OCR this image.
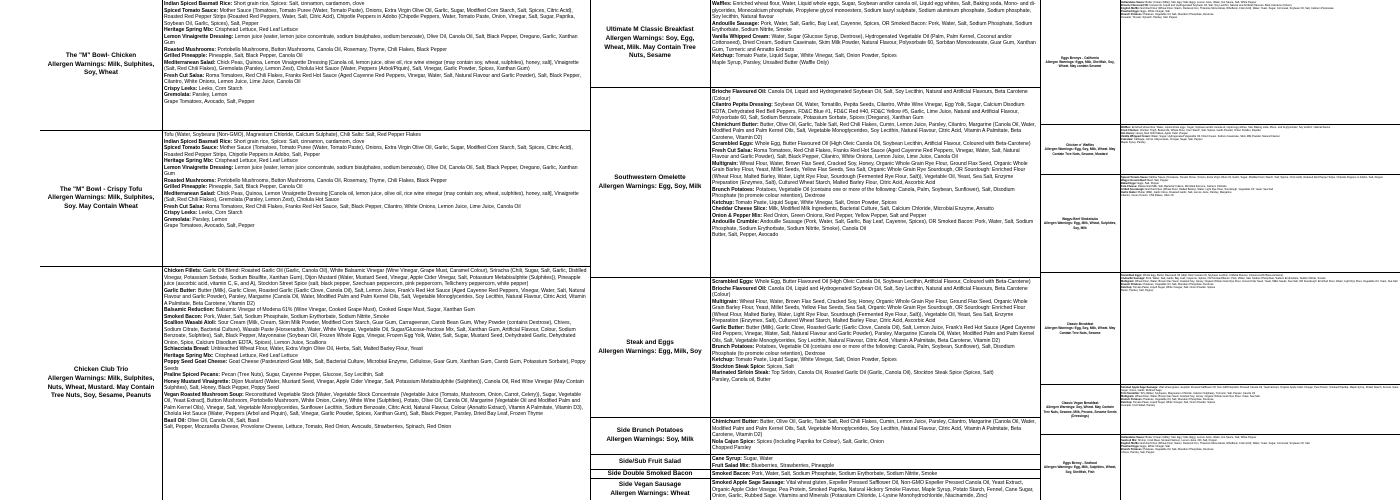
The "M" Bowl- Chicken
Allergen Warnings: Milk, Sulphites, Soy, Wheat
The "M" Bowl - Crispy Tofu
Allergen Warnings: Milk, Sulphites, Soy. May Contain Wheat
Chicken Club Trio
Allergen Warnings: Milk, Sulphites, Nuts, Wheat, Mustard. May Contain Tree Nuts, Soy, Sesame, Peanuts

Indian Spiced Basmati Rice: Short grain rice, Spices: Salt, cinnamon, cardamom, clove

Spiced Tomato Sauce: Mother Sauce (Tomatoes, Tomato Puree (Water, Tomato Paste), Onions, Extra Virgin Olive Oil, Garlic, Sugar, Modified Corn Starch, Salt, Spices, Citric Acid), Roasted Red Pepper Strips (Roasted Red Peppers, Water, Salt, Citric Acid), Chipotle Peppers in Adobo (Chipotle Peppers, Water, Tomato Paste, Onion, Vinegar, Salt, Sugar, Paprika, Soybean Oil, Garlic, Spices), Salt, Pepper

Heritage Spring Mix: Crisphead Lettuce, Red Leaf Lettuce

Lemon Vinaigrette Dressing: Lemon juice (water, lemon juice concentrate, sodium bisulphates, sodium benzoate), Olive Oil, Canola Oil, Salt, Black Pepper, Oregano, Garlic, Xanthan Gum

Roasted Mushrooms: Portobello Mushrooms, Button Mushrooms, Canola Oil, Rosemary, Thyme, Chili Flakes, Black Pepper

Grilled Pineapple: Pineapple, Salt, Black Pepper, Canola Oil

Mediterranean Salad: Chick Peas, Quinoa, Lemon Vinaigrette Dressing [Canola oil, lemon juice, olive oil, rice wine vinegar (may contain soy, wheat, sulphites), honey, salt], Vinaigrette (Salt, Red Chili Flakes), Gremolata (Parsley, Lemon Zest), Cholula Hot Sauce (Water, Peppers (Arbol/Piquin), Salt, Vinegar, Garlic Powder, Spices, Xanthan Gum)

Fresh Cut Salsa: Roma Tomatoes, Red Chili Flakes, Franks Red Hot Sauce (Aged Cayenne Red Peppers, Vinegar, Water, Salt, Natural Flavour and Garlic Powder), Salt, Black Pepper, Cilantro, White Onions, Lemon Juice, Lime Juice, Canola Oil

Crispy Leeks: Leeks, Corn Starch

Gremolata: Parsley, Lemon

Grape Tomatoes, Avocado, Salt, Pepper

Tofu (Water, Soybeans (Non-GMO), Magnesium Chloride, Calcium Sulphate), Chili Salts: Salt, Red Pepper Flakes

Indian Spiced Basmati Rice: Short grain rice, Spices: Salt, cinnamon, cardamom, clove

Spiced Tomato Sauce: Mother Sauce (Tomatoes, Tomato Puree (Water, Tomato Paste), Onions, Extra Virgin Olive Oil, Garlic, Sugar, Modified Corn Starch, Salt, Spices, Citric Acid), Roasted Red Pepper Strips, Chipotle Peppers in Adobo, Salt, Pepper

Heritage Spring Mix: Crisphead Lettuce, Red Leaf Lettuce

Lemon Vinaigrette Dressing: Lemon juice (water, lemon juice concentrate, sodium bisulphates, sodium benzoate), Olive Oil, Canola Oil, Salt, Black Pepper, Oregano, Garlic, Xanthan Gum

Roasted Mushrooms: Portobello Mushrooms, Button Mushrooms, Canola Oil, Rosemary, Thyme, Chili Flakes, Black Pepper

Grilled Pineapple: Pineapple, Salt, Black Pepper, Canola Oil

Mediterranean Salad: Chick Peas, Quinoa, Lemon Vinaigrette Dressing [Canola oil, lemon juice, olive oil, rice wine vinegar (may contain soy, wheat, sulphites), honey, salt], Vinaigrette (Salt, Red Chili Flakes), Gremolata (Parsley, Lemon Zest), Cholula Hot Sauce

Fresh Cut Salsa: Roma Tomatoes, Red Chili Flakes, Franks Red Hot Sauce, Salt, Black Pepper, Cilantro, White Onions, Lemon Juice, Lime Juice, Canola Oil

Crispy Leeks: Leeks, Corn Starch

Gremolata: Parsley, Lemon

Grape Tomatoes, Avocado, Salt, Pepper

Chicken Fillets: Garlic Oil Blend: Roasted Garlic Oil (Garlic, Canola Oil), White Balsamic Vinegar (Wine Vinegar, Grape Must, Caramel Colour), Sriracha (Chili, Sugar, Salt, Garlic, Distilled Vinegar, Potassium Sorbate, Sodium Bisulfite, Xanthan Gum), Dijon Mustard (Water, Mustard Seed, Vinegar, Apple Cider Vinegar, Salt, Potassium Metabisulphite (Sulphites)), Pineapple juice (ascorbic acid, vitamin C, E, and A), Stockton Street Spice (salt, black pepper, Szechuan peppercorn, pink peppercorn, Tellicherry peppercorn, white pepper)

Garlic Butter: Butter (Milk), Garlic Clove, Roasted Garlic (Garlic Clove, Canola Oil), Salt, Lemon Juice, Frank's Red Hot Sauce (Aged Cayenne Red Peppers, Vinegar, Water, Salt, Natural Flavour and Garlic Powder), Parsley, Margarine (Canola Oil, Water, Modified Palm and Palm Kernel Oils, Salt, Vegetable Monoglycerides, Soy Lecithin, Natural Flavour, Citric Acid, Vitamin A Palmitate, Beta Carotene, Vitamin D2)

Balsamic Reduction: Balsamic Vinegar of Modena 61% (Wine Vinegar, Cooked Grape Must), Cooked Grape Must, Sugar, Xanthan Gum

Smoked Bacon: Pork, Water, Salt, Sodium Phosphate, Sodium Erythorbate, Sodium Nitrite, Smoke

Scallion Wasabi Aioli: Sour Cream (Milk, Cream, Skim Milk Powder, Modified Corn Starch, Guar Gum, Carrageenan, Carob Bean Gum, Whey Powder (contains Dextrose), Chives, Sodium Citrate, Bacterial Culture), Wasabi Paste (Horseradish, Water, White Vinegar, Vegetable Oil, Sugar/Glucose-fructose Mix, Salt, Xanthan Gum, Artificial Flavour, Colour, Sodium Benzoate, Sulphites), Salt, Black Pepper, Mayonnaise (Soybean Oil, Frozen Whole Eggs, Vinegar, Frozen Egg Yolk, Water, Salt, Sugar, Mustard Seed, Dehydrated Garlic, Dehydrated Onion, Spice, Calcium Disodium EDTA, Spices), Lemon Juice, Scallions

Schiacciata Bread: Unbleached Wheat Flour, Water, Extra Virgin Olive Oil, Herbs, Salt, Malted Barley Flour, Yeast

Heritage Spring Mix: Crisphead Lettuce, Red Leaf Lettuce

Poppy Seed Goat Cheese: Goat Cheese (Pasteurized Goat Milk, Salt, Bacterial Culture, Microbial Enzyme, Cellulose, Guar Gum, Xanthan Gum, Carob Gum, Potassium Sorbate), Poppy Seeds

Praline Spiced Pecans: Pecan (Tree Nuts), Sugar, Cayenne Pepper, Glucose, Soy Lecithin, Salt

Honey Mustard Vinaigrette: Dijon Mustard (Water, Mustard Seed, Vinegar, Apple Cider Vinegar, Salt, Potassium Metabisulphite (Sulphites)), Canola Oil, Red Wine Vinegar (May Contain Sulphites), Salt, Honey, Black Pepper, Poppy Seed

Vegan Roasted Mushroom Soup: Reconstituted Vegetable Stock [Water, Vegetable Stock Concentrate (Vegetable Juice (Tomato, Mushroom, Onion, Carrot, Celery)), Sugar, Vegetable Oil, Yeast Extract], Button Mushroom, Portobello Mushroom, White Onion, Celery, White Wine (Sulphites), Potato, Olive Oil, Canola Oil, Margarine (Vegetable Oil and Modified Palm and Palm Kernel Oils), Vinegar, Salt, Vegetable Monoglycerides, Sunflower Lecithin, Sodium Benzoate, Citric Acid, Natural Flavour, Colour (Annatto Extract), Vitamin A Palmitate, Vitamin D3), Cholula Hot Sauce (Water, Peppers (Arbol and Piquin), Salt, Vinegar, Garlic Powder, Spices, Xanthan Gum), Salt, Black Pepper, Parsley, Dried Bay Leaf, Frozen Thyme

Basil Oil: Olive Oil, Canola Oil, Salt, Basil

Salt, Pepper, Mozzarella Cheese, Provolone Cheese, Lettuce, Tomato, Red Onion, Avocado, Strawberries, Spinach, Red Onion

Ultimate M Classic Breakfast
Allergen Warnings: Soy, Egg, Wheat, Milk. May Contain Tree Nuts, Sesame
Southwestern Omelette
Allergen Warnings: Egg, Soy, Milk
Steak and Eggs
Allergen Warnings: Egg, Milk, Soy
Side Brunch Potatoes
Allergen Warnings: Soy, Milk
Side/Sub Fruit Salad
Side Double Smoked Bacon
Side Vegan Sausage
Allergen Warnings: Wheat

Waffles: Enriched wheat flour, Water, Liquid whole eggs, Sugar, Soybean and/or canola oil, Liquid egg whites, Salt, Baking soda, Mono- and di-glycerides, Monocalcium phosphate, Propylene glycol monoesters, Sodium lauryl sulphate, Sodium aluminum phosphate, Sodium phosphate, Soy lecithin, Natural flavour

Andouille Sausage: Pork, Water, Salt, Garlic, Bay Leaf, Cayenne, Spices, OR Smoked Bacon: Pork, Water, Salt, Sodium Phosphate, Sodium Erythorbate, Sodium Nitrite, Smoke

Vanilla Whipped Cream: Water, Sugar (Glucose Syrup, Dextrose), Hydrogenated Vegetable Oil (Palm, Palm Kernel, Coconut and/or Cottonseed), Dried Cream, Sodium Caseinate, Skim Milk Powder, Natural Flavour, Polysorbate 60, Sorbitan Monostearate, Guar Gum, Xanthan Gum, Turmeric and Annatto Extracts

Ketchup: Tomato Paste, Liquid Sugar, White Vinegar, Salt, Onion Powder, Spices

Maple Syrup, Parsley, Unsalted Butter (Waffle Only)

Brioche Flavoured Oil: Canola Oil, Liquid and Hydrogenated Soybean Oil, Salt, Soy Lecithin, Natural and Artificial Flavours, Beta Carotene (Colour)

Cilantro Pepita Dressing: Soybean Oil, Water, Tomatillo, Pepita Seeds, Cilantro, White Wine Vinegar, Egg Yolk, Sugar, Calcium Disodium EDTA, Dehydrated Red Bell Peppers, FD&C Blue #1, FD&C Red #40, FD&C Yellow #5, Garlic, Lime Juice, Natural and Artificial Flavour, Polysorbate 60, Salt, Sodium Benzoate, Potassium Sorbate, Spices (Oregano), Xanthan Gum

Chimichurri Butter: Butter, Olive Oil, Garlic, Table Salt, Red Chili Flakes, Cumin, Lemon Juice, Parsley, Cilantro, Margarine (Canola Oil, Water, Modified Palm and Palm Kernel Oils, Salt, Vegetable Monoglycerides, Soy Lecithin, Natural Flavour, Citric Acid, Vitamin A Palmitate, Beta Carotene, Vitamin D2)

Scrambled Eggs: Whole Egg, Butter Flavoured Oil (High Oleic Canola Oil, Soybean Lecithin, Artificial Flavour, Coloured with Beta-Carotene)

Fresh Cut Salsa: Roma Tomatoes, Red Chili Flakes, Franks Red Hot Sauce (Aged Cayenne Red Peppers, Vinegar, Water, Salt, Natural Flavour and Garlic Powder), Salt, Black Pepper, Cilantro, White Onions, Lemon Juice, Lime Juice, Canola Oil

Multigrain: Wheat Flour, Water, Brown Flax Seed, Cracked Soy, Honey, Organic Whole Grain Rye Flour, Ground Flax Seed, Organic Whole Grain Barley Flour, Yeast, Millet Seeds, Yellow Flax Seeds, Sea Salt, Organic Whole Grain Rye Sourdough, OR Sourdough: Enriched Flour (Wheat Flour, Malted Barley, Water, Light Rye Flour, Sourdough (Fermented Rye Flour, Salt)), Vegetable Oil, Yeast, Sea Salt, Enzyme Preparation (Enzymes, Salt), Cultured Wheat Starch, Malted Barley Flour, Citric Acid, Ascorbic Acid

Brunch Potatoes: Potatoes, Vegetable Oil (contains one or more of the following: Canola, Palm, Soybean, Sunflower), Salt, Disodium Phosphate (to promote colour retention), Dextrose

Ketchup: Tomato Paste, Liquid Sugar, White Vinegar, Salt, Onion Powder, Spices

Cheddar Cheese Slice: Milk, Modified Milk Ingredients, Bacterial Culture, Salt, Calcium Chloride, Microbial Enzyme, Annatto

Onion & Pepper Mix: Red Onion, Green Onions, Red Pepper, Yellow Pepper, Salt and Pepper

Andouille Crumble: Andouille Sausage (Pork, Water, Salt, Garlic, Bay Leaf, Cayenne, Spices), OR Smoked Bacon: Pork, Water, Salt, Sodium Phosphate, Sodium Erythorbate, Sodium Nitrite, Smoke), Canola Oil

Butter, Salt, Pepper, Avocado

Scrambled Eggs: Whole Egg, Butter Flavoured Oil (High Oleic Canola Oil, Soybean Lecithin, Artificial Flavour, Coloured with Beta-Carotene)

Brioche Flavoured Oil: Canola Oil, Liquid and Hydrogenated Soybean Oil, Salt, Soy Lecithin, Natural and Artificial Flavours, Beta Carotene (Colour)

Multigrain: Wheat Flour, Water, Brown Flax Seed, Cracked Soy, Honey, Organic Whole Grain Rye Flour, Ground Flax Seed, Organic Whole Grain Barley Flour, Yeast, Millet Seeds, Yellow Flax Seeds, Sea Salt, Organic Whole Grain Rye Sourdough, OR Sourdough: Enriched Flour (Wheat Flour, Malted Barley, Water, Light Rye Flour, Sourdough (Fermented Rye Flour, Salt)), Vegetable Oil, Yeast, Sea Salt, Enzyme Preparation (Enzymes, Salt), Cultured Wheat Starch, Malted Barley Flour, Citric Acid, Ascorbic Acid

Garlic Butter: Butter (Milk), Garlic Clove, Roasted Garlic (Garlic Clove, Canola Oil), Salt, Lemon Juice, Frank's Red Hot Sauce (Aged Cayenne Red Peppers, Vinegar, Water, Salt, Natural Flavour and Garlic Powder), Parsley, Margarine (Canola Oil, Water, Modified Palm and Palm Kernel Oils, Salt, Vegetable Monoglycerides, Soy Lecithin, Natural Flavour, Citric Acid, Vitamin A Palmitate, Beta Carotene, Vitamin D2)

Brunch Potatoes: Potatoes, Vegetable Oil (contains one or more of the following: Canola, Palm, Soybean, Sunflower), Salt, Disodium Phosphate (to promote colour retention), Dextrose

Ketchup: Tomato Paste, Liquid Sugar, White Vinegar, Salt, Onion Powder, Spices

Stockton Steak Spice: Spices, Salt

Marinated Sirloin Steak: Top Sirloin, Canola Oil, Roasted Garlic Oil (Garlic, Canola Oil), Stockton Steak Spice (Spices, Salt)

Parsley, Canola oil, Butter

Chimichurri Butter: Butter, Olive Oil, Garlic, Table Salt, Red Chili Flakes, Cumin, Lemon Juice, Parsley, Cilantro, Margarine (Canola Oil, Water, Modified Palm and Palm Kernel Oils, Salt, Vegetable Monoglycerides, Soy Lecithin, Natural Flavour, Citric Acid, Vitamin A Palmitate, Beta Carotene, Vitamin D2)

Nola Cajun Spice: Spices (Including Paprika for Colour), Salt, Garlic, Onion

Chopped Parsley

Cane Syrup: Sugar, Water

Fruit Salad Mix: Blueberries, Strawberries, Pineapple

Smoked Bacon: Pork, Water, Salt, Sodium Phosphate, Sodium Erythorbate, Sodium Nitrite, Smoke

Smoked Apple Sage Sausage: Vital wheat gluten, Expeller Pressed Safflower Oil, Non-GMO Expeller Pressed Canola Oil, Yeast Extract, Organic Apple Cider Vinegar, Pea Protein, Smoked Paprika, Natural Hickory Smoke Flavour, Maple Syrup, Potato Starch, Fennel, Cane Sugar, Onion, Garlic, Rubbed Sage. Vitamins and Minerals (Potassium Chloride, L-Lysine Monohydrochloride, Niacinamide, Zinc)

Eggs Bennys - California
Allergen Warnings: Eggs, Milk, Shellfish, Soy, Wheat. May contain Sesame
Chicken n' Waffles
Allergen Warnings: Egg, Soy, Milk, Wheat. May Contain Tree Nuts, Sesame, Mustard
Wagyu Beef Shakshuka
Allergen Warnings: Egg, Milk, Wheat, Sulphites, Soy, Milk
Classic Breakfast
Allergen Warnings: Egg, Soy, Milk, Wheat. May Contain Tree Nuts, Sesame
Classic Vegan Breakfast
Allergen Warnings: Soy, Wheat. May Contain Tree Nuts, Sesame, Milk, Pecans, Sesame Seeds (Dressings)
Eggs Benny - Seafood
Allergen Warnings: Egg, Milk, Sulphites, Wheat, Soy, Shellfish, Fish

Hollandaise Sauce: Butter (Cream (Milk)), Salt, Egg Yolks (Egg), Lemon Juice, Water, Hot Sauce, Salt, White Pepper

Brioche Flavoured Oil: Canola Oil, Liquid and Hydrogenated Soybean Oil, Salt, Soy Lecithin, Natural and Artificial Flavours, Beta Carotene (Colour)

English Muffin: Enriched Flour (Wheat Flour, Niacin, Reduced Iron, Thiamine Mononitrate, Riboflavin, Folic Acid), Water, Yeast, Sugar, Cornmeal, Soybean Oil, Salt, Calcium Propionate

Poached Eggs: Eggs, White Vinegar, Salt

Brunch Potatoes: Potatoes, Vegetable Oil, Salt, Disodium Phosphate, Dextrose

Avocado, Tomato, Spinach, Parsley, Salt, Pepper

Waffles: Enriched wheat flour, Water, Liquid whole eggs, Sugar, Soybean and/or canola oil, Liquid egg whites, Salt, Baking soda, Mono- and di-glycerides, Soy lecithin, Natural flavour

Fried Chicken: Chicken Thigh, Buttermilk, Wheat Flour, Corn Starch, Salt, Spices, Garlic Powder, Onion Powder, Paprika

Hot Honey: Honey, Red Chili Flakes, Apple Cider Vinegar

Vanilla Whipped Cream: Water, Sugar, Hydrogenated Vegetable Oil, Dried Cream, Sodium Caseinate, Skim Milk Powder, Natural Flavour

Coleslaw: Cabbage, Carrot, Mayonnaise, Vinegar, Sugar, Salt, Pepper

Maple Syrup, Parsley

Spiced Tomato Sauce: Mother Sauce (Tomatoes, Tomato Puree, Onions, Extra Virgin Olive Oil, Garlic, Sugar, Modified Corn Starch, Salt, Spices, Citric Acid), Roasted Red Pepper Strips, Chipotle Peppers in Adobo, Salt, Pepper

Wagyu Ground Beef: Beef, Salt, Pepper

Baked Eggs: Eggs, Salt, Pepper

Feta Cheese: Pasteurized Milk, Salt, Bacterial Culture, Microbial Enzyme, Calcium Chloride

Grilled Sourdough: Enriched Flour (Wheat Flour, Malted Barley), Water, Light Rye Flour, Sourdough, Vegetable Oil, Yeast, Sea Salt

Garlic Butter: Butter (Milk), Garlic Clove, Roasted Garlic, Salt, Lemon Juice, Parsley, Margarine

Cilantro, Green Onions, Chili Flakes, Olive Oil

Scrambled Eggs: Whole Egg, Butter Flavoured Oil (High Oleic Canola Oil, Soybean Lecithin, Artificial Flavour, Coloured with Beta-Carotene)

Andouille Sausage: Pork, Water, Salt, Garlic, Bay Leaf, Cayenne, Spices, OR Smoked Bacon: Pork, Water, Salt, Sodium Phosphate, Sodium Erythorbate, Sodium Nitrite, Smoke

Multigrain: Wheat Flour, Water, Brown Flax Seed, Cracked Soy, Honey, Organic Whole Grain Rye Flour, Ground Flax Seed, Yeast, Millet Seeds, Sea Salt, OR Sourdough: Enriched Flour, Water, Light Rye Flour, Vegetable Oil, Yeast, Sea Salt

Brunch Potatoes: Potatoes, Vegetable Oil, Salt, Disodium Phosphate, Dextrose

Ketchup: Tomato Paste, Liquid Sugar, White Vinegar, Salt, Onion Powder, Spices

Butter, Parsley, Salt, Pepper

Smoked Apple Sage Sausage: Vital wheat gluten, Expeller Pressed Safflower Oil, Non-GMO Expeller Pressed Canola Oil, Yeast Extract, Organic Apple Cider Vinegar, Pea Protein, Smoked Paprika, Maple Syrup, Potato Starch, Fennel, Cane Sugar, Onion, Garlic, Rubbed Sage

Tofu Scramble: Tofu (Water, Soybeans, Magnesium Chloride, Calcium Sulphate), Turmeric, Salt, Pepper, Canola Oil

Multigrain: Wheat Flour, Water, Brown Flax Seed, Cracked Soy, Honey, Organic Whole Grain Rye Flour, Yeast, Sea Salt

Brunch Potatoes: Potatoes, Vegetable Oil, Salt, Disodium Phosphate, Dextrose

Ketchup: Tomato Paste, Liquid Sugar, White Vinegar, Salt, Onion Powder, Spices

Avocado, Fruit Salad, Parsley

Hollandaise Sauce: Butter (Cream (Milk)), Salt, Egg Yolks (Egg), Lemon Juice, Water, Hot Sauce, Salt, White Pepper

Seafood Mix: Shrimp, Crab Meat, Smoked Salmon, Lemon Juice, Dill, Salt, Pepper

English Muffin: Enriched Flour (Wheat Flour, Niacin, Reduced Iron, Thiamine Mononitrate, Riboflavin, Folic Acid), Water, Yeast, Sugar, Cornmeal, Soybean Oil, Salt

Poached Eggs: Eggs, White Vinegar, Salt

Brunch Potatoes: Potatoes, Vegetable Oil, Salt, Disodium Phosphate, Dextrose

Chives, Parsley, Salt, Pepper
